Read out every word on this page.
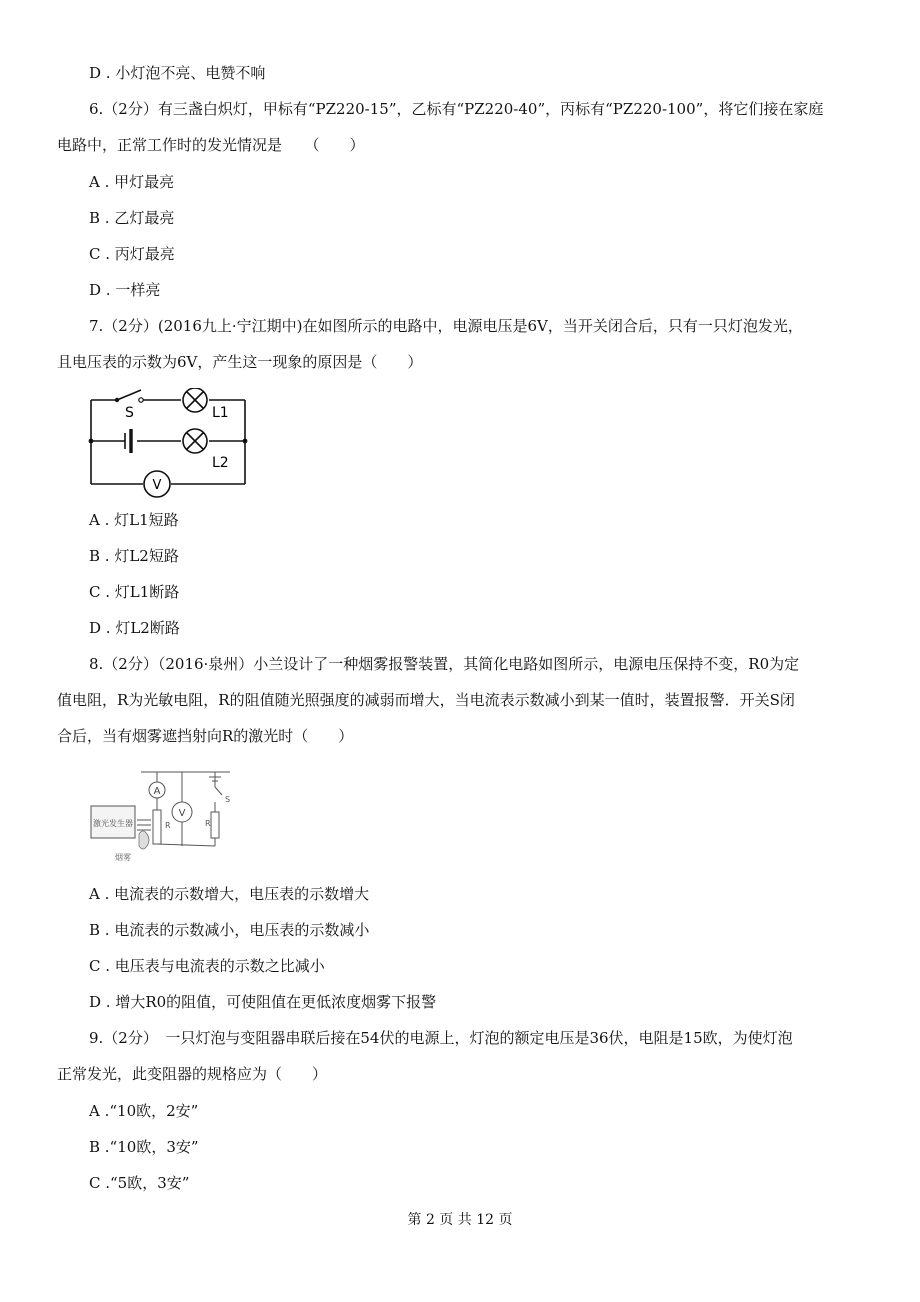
D . 小灯泡不亮、电赞不响
6.（2分）有三盏白炽灯，甲标有“PZ220-15”，乙标有“PZ220-40”，丙标有“PZ220-100”，将它们接在家庭
电路中，正常工作时的发光情况是　　（　　）
A . 甲灯最亮
B . 乙灯最亮
C . 丙灯最亮
D . 一样亮
7.（2分）(2016九上·宁江期中)在如图所示的电路中，电源电压是6V，当开关闭合后，只有一只灯泡发光，
且电压表的示数为6V，产生这一现象的原因是（　　）
S	L1
L2
V
A . 灯L1短路
B . 灯L2短路
C . 灯L1断路
D . 灯L2断路
8.（2分）（2016·泉州）小兰设计了一种烟雾报警装置，其简化电路如图所示，电源电压保持不变，R0为定
值电阻，R为光敏电阻，R的阻值随光照强度的减弱而增大，当电流表示数减小到某一值时，装置报警．开关S闭
合后，当有烟雾遮挡射向R的激光时（　　）
A
V
S
R	R
激光发生器
烟雾
A . 电流表的示数增大，电压表的示数增大
B . 电流表的示数减小，电压表的示数减小
C . 电压表与电流表的示数之比减小
D . 增大R0的阻值，可使阻值在更低浓度烟雾下报警
9.（2分）　一只灯泡与变阻器串联后接在54伏的电源上，灯泡的额定电压是36伏，电阻是15欧，为使灯泡
正常发光，此变阻器的规格应为（　　）
A .“10欧，2安”
B .“10欧，3安”
C .“5欧，3安”
第 2 页 共 12 页
